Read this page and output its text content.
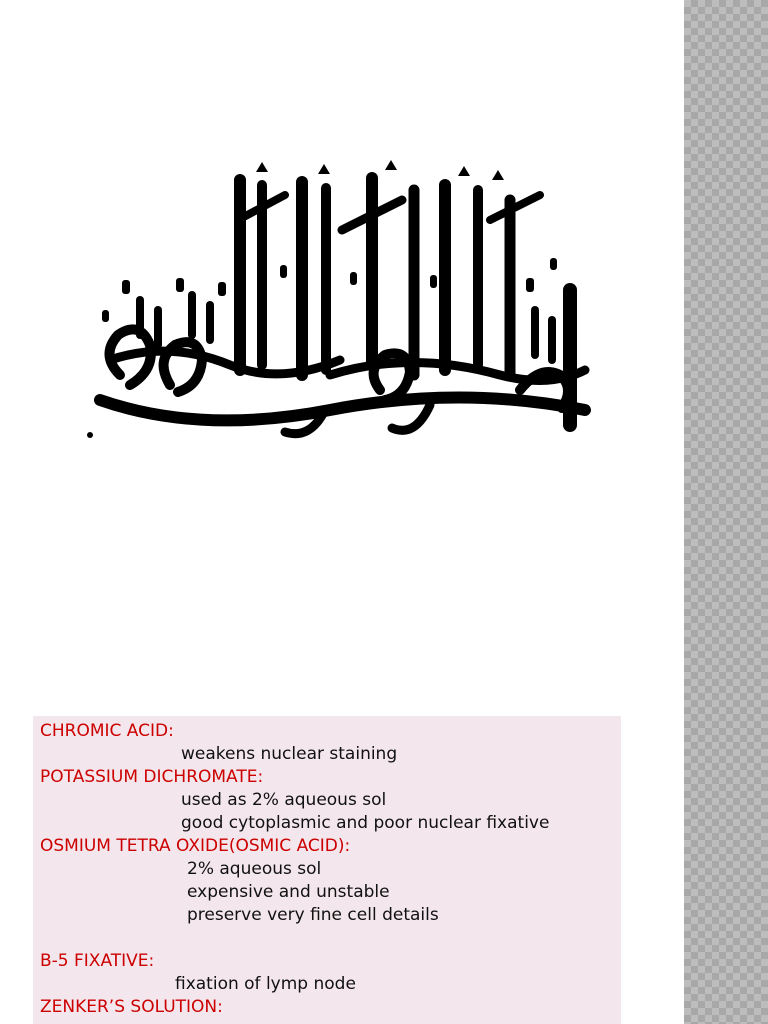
CHROMIC ACID:
weakens nuclear staining
POTASSIUM DICHROMATE:
used as 2% aqueous sol
good cytoplasmic and poor nuclear fixative
OSMIUM TETRA OXIDE(OSMIC ACID):
2% aqueous sol
expensive and unstable
preserve very fine cell details
B-5 FIXATIVE:
fixation of lymp node
ZENKER’S SOLUTION:
